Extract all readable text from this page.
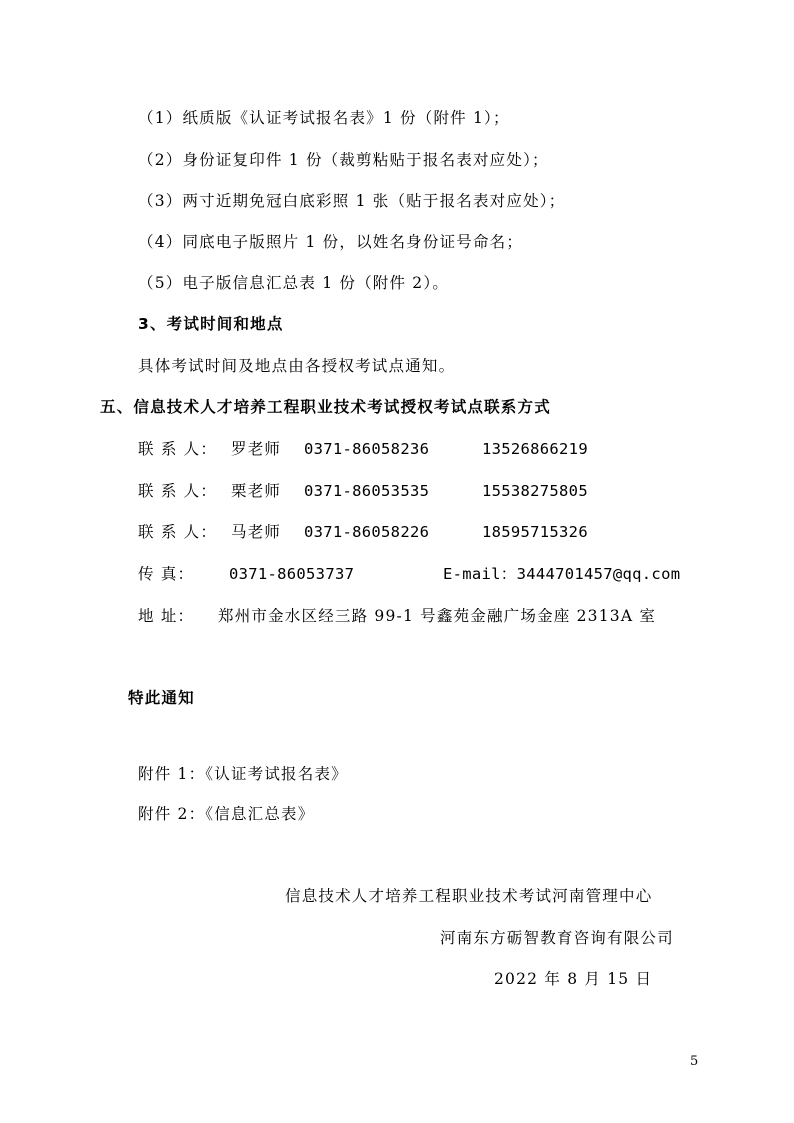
（1）纸质版《认证考试报名表》1 份（附件 1）；
（2）身份证复印件 1 份（裁剪粘贴于报名表对应处）；
（3）两寸近期免冠白底彩照 1 张（贴于报名表对应处）；
（4）同底电子版照片 1 份，以姓名身份证号命名；
（5）电子版信息汇总表 1 份（附件 2）。
3、考试时间和地点
具体考试时间及地点由各授权考试点通知。
五、信息技术人才培养工程职业技术考试授权考试点联系方式
联 系 人： 罗老师 0371-86058236	13526866219
联 系 人： 栗老师 0371-86053535	15538275805
联 系 人： 马老师 0371-86058226	18595715326
传 真： 0371-86053737	E-mail：3444701457@qq.com
地 址： 郑州市金水区经三路 99-1 号鑫苑金融广场金座 2313A 室
特此通知
附件 1：《认证考试报名表》
附件 2：《信息汇总表》
信息技术人才培养工程职业技术考试河南管理中心
河南东方砺智教育咨询有限公司
2022 年 8 月 15 日
5
